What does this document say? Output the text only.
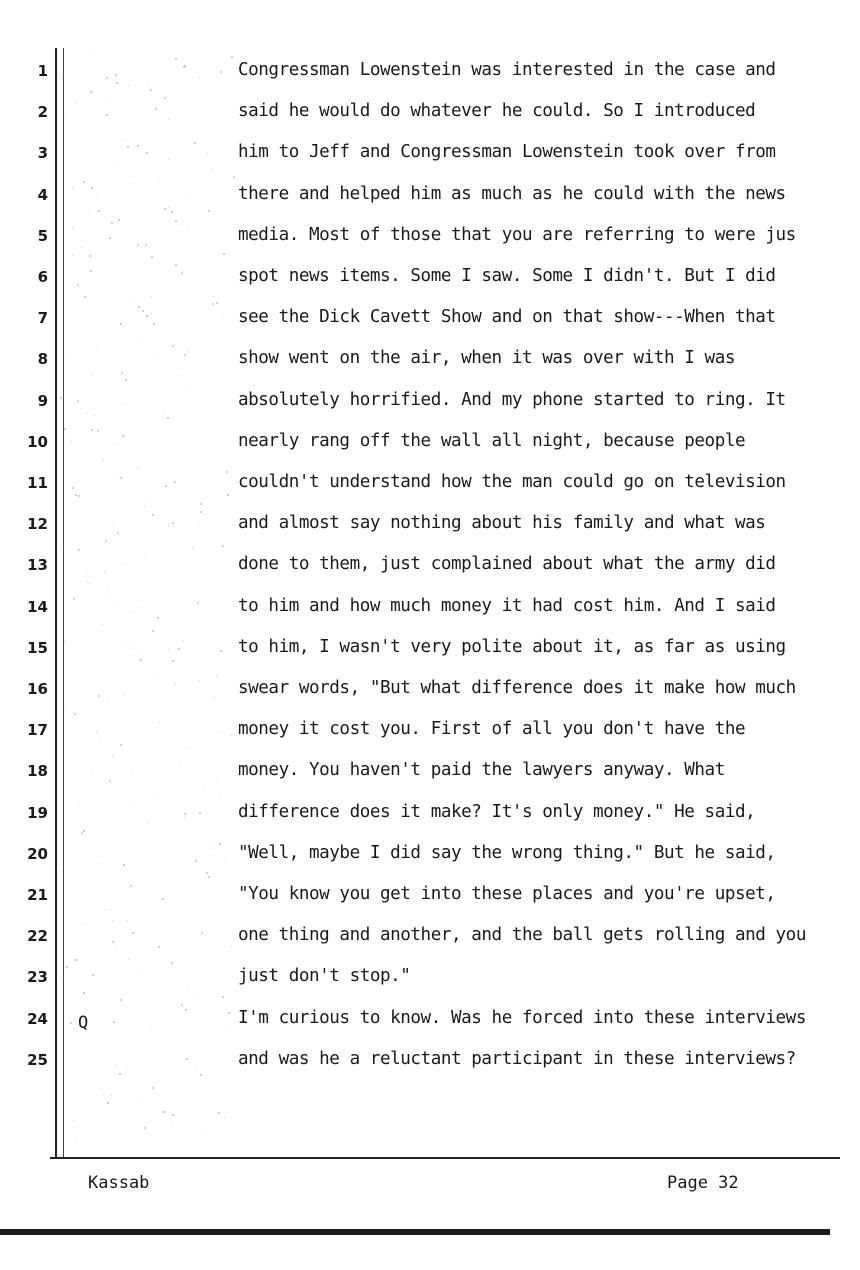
1
2
3
4
5
6
7
8
9
10
11
12
13
14
15
16
17
18
19
20
21
22
23
24
25
Congressman Lowenstein was interested in the case and
said he would do whatever he could. So I introduced
him to Jeff and Congressman Lowenstein took over from
there and helped him as much as he could with the news
media. Most of those that you are referring to were jus
spot news items. Some I saw. Some I didn't. But I did
see the Dick Cavett Show and on that show---When that
show went on the air, when it was over with I was
absolutely horrified. And my phone started to ring. It
nearly rang off the wall all night, because people
couldn't understand how the man could go on television
and almost say nothing about his family and what was
done to them, just complained about what the army did
to him and how much money it had cost him. And I said
to him, I wasn't very polite about it, as far as using
swear words, "But what difference does it make how much
money it cost you. First of all you don't have the
money. You haven't paid the lawyers anyway. What
difference does it make? It's only money." He said,
"Well, maybe I did say the wrong thing." But he said,
"You know you get into these places and you're upset,
one thing and another, and the ball gets rolling and you
just don't stop."
I'm curious to know. Was he forced into these interviews
and was he a reluctant participant in these interviews?
Q
Kassab	Page 32
